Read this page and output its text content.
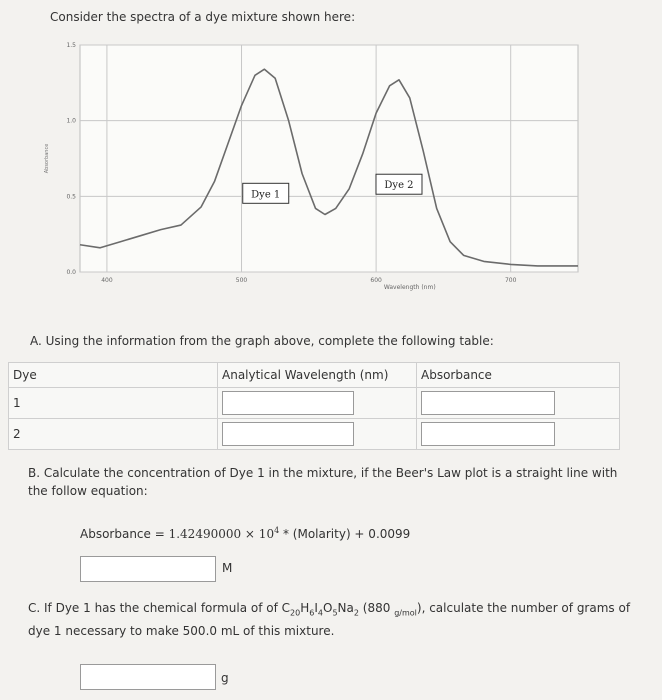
Consider the spectra of a dye mixture shown here:
400	500	600	700
0.0
0.5
1.0
1.5
Wavelength (nm)
Absorbance
Dye 1
Dye 2
A. Using the information from the graph above, complete the following table:
Dye	Analytical Wavelength (nm)	Absorbance
1	

2	

B. Calculate the concentration of Dye 1 in the mixture, if the Beer's Law plot is a straight line with the follow equation:
Absorbance = $1.42490000 \times 10^4$ * (Molarity) + 0.0099
M
C. If Dye 1 has the chemical formula of of $C_{20}H_6I_4O_5Na_2$ (880 $_{g/mol}$), calculate the number of grams of dye 1 necessary to make 500.0 mL of this mixture.
g
